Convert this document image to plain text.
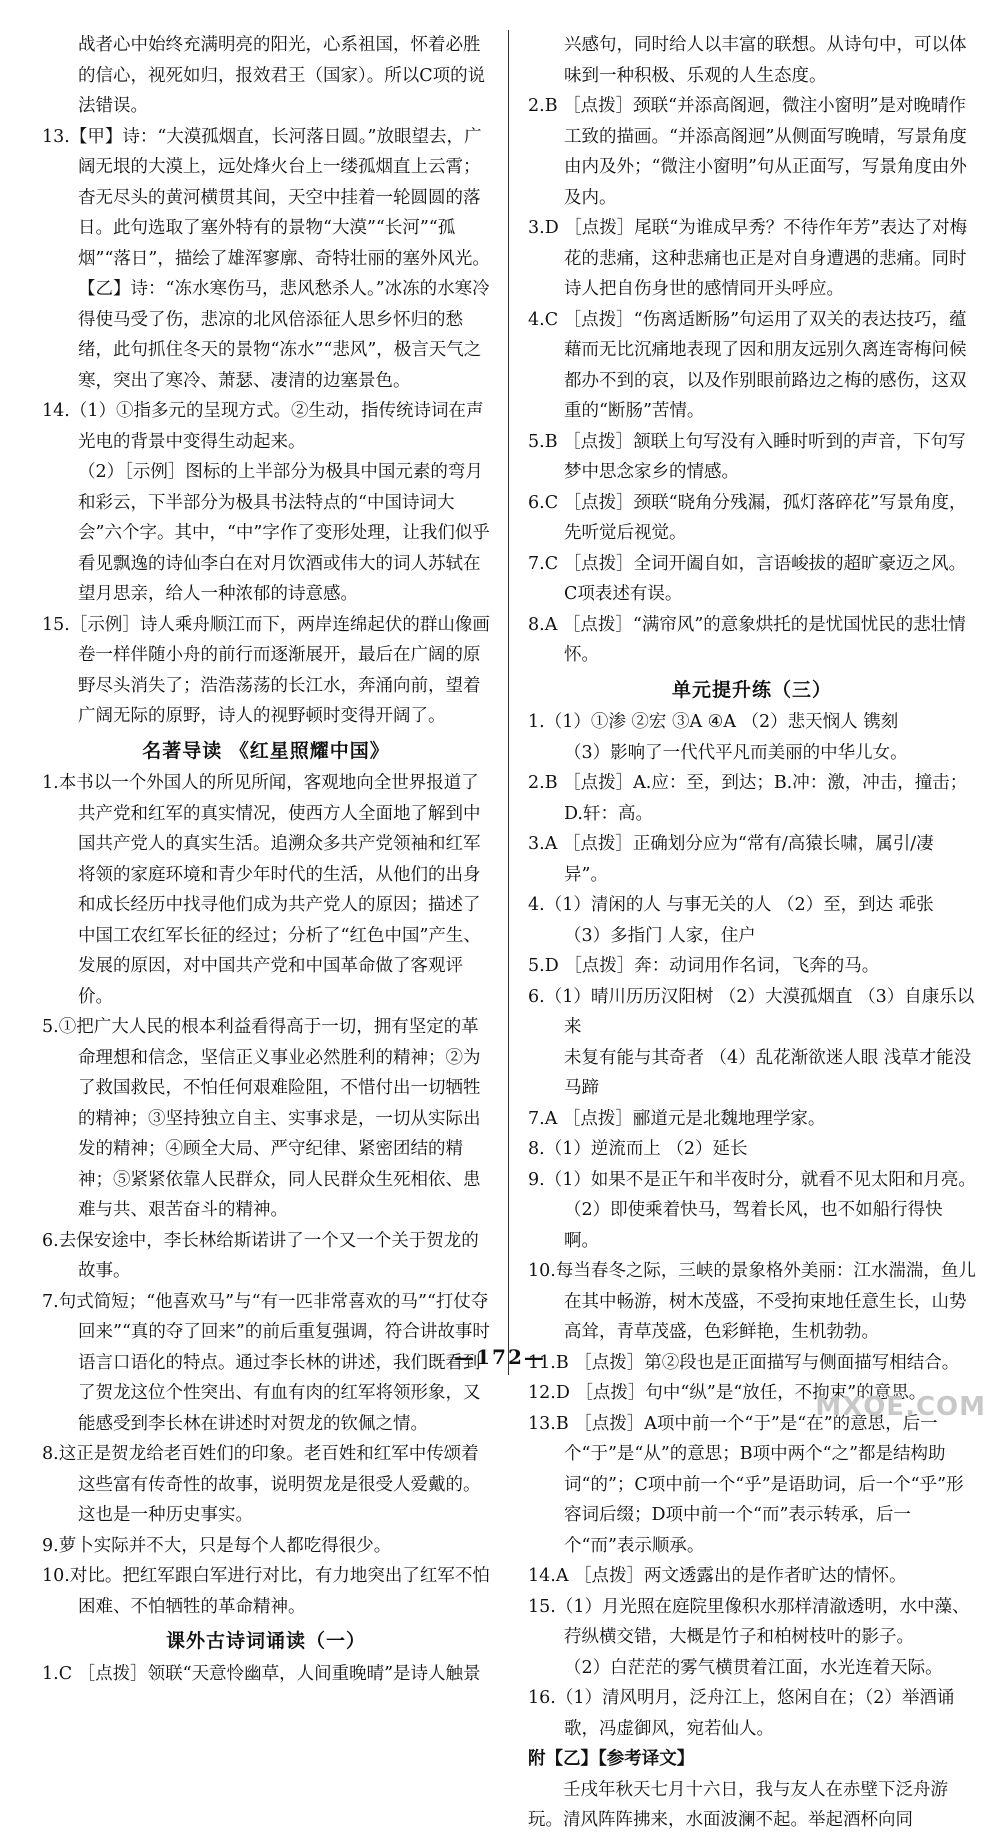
战者心中始终充满明亮的阳光，心系祖国，怀着必胜的信心，视死如归，报效君王（国家）。所以C项的说法错误。

13.【甲】诗：“大漠孤烟直，长河落日圆。”放眼望去，广阔无垠的大漠上，远处烽火台上一缕孤烟直上云霄；杳无尽头的黄河横贯其间，天空中挂着一轮圆圆的落日。此句选取了塞外特有的景物“大漠”“长河”“孤烟”“落日”，描绘了雄浑寥廓、奇特壮丽的塞外风光。【乙】诗：“冻水寒伤马，悲风愁杀人。”冰冻的水寒冷得使马受了伤，悲凉的北风倍添征人思乡怀归的愁绪，此句抓住冬天的景物“冻水”“悲风”，极言天气之寒，突出了寒冷、萧瑟、凄清的边塞景色。

14.（1）①指多元的呈现方式。②生动，指传统诗词在声光电的背景中变得生动起来。

（2）［示例］图标的上半部分为极具中国元素的弯月和彩云，下半部分为极具书法特点的“中国诗词大会”六个字。其中，“中”字作了变形处理，让我们似乎看见飘逸的诗仙李白在对月饮酒或伟大的词人苏轼在望月思亲，给人一种浓郁的诗意感。

15.［示例］诗人乘舟顺江而下，两岸连绵起伏的群山像画卷一样伴随小舟的前行而逐渐展开，最后在广阔的原野尽头消失了；浩浩荡荡的长江水，奔涌向前，望着广阔无际的原野，诗人的视野顿时变得开阔了。

名著导读 《红星照耀中国》

1.本书以一个外国人的所见所闻，客观地向全世界报道了共产党和红军的真实情况，使西方人全面地了解到中国共产党人的真实生活。追溯众多共产党领袖和红军将领的家庭环境和青少年时代的生活，从他们的出身和成长经历中找寻他们成为共产党人的原因；描述了中国工农红军长征的经过；分析了“红色中国”产生、发展的原因，对中国共产党和中国革命做了客观评价。

5.①把广大人民的根本利益看得高于一切，拥有坚定的革命理想和信念，坚信正义事业必然胜利的精神；②为了救国救民，不怕任何艰难险阻，不惜付出一切牺牲的精神；③坚持独立自主、实事求是，一切从实际出发的精神；④顾全大局、严守纪律、紧密团结的精神；⑤紧紧依靠人民群众，同人民群众生死相依、患难与共、艰苦奋斗的精神。

6.去保安途中，李长林给斯诺讲了一个又一个关于贺龙的故事。

7.句式简短；“他喜欢马”与“有一匹非常喜欢的马”“打仗夺回来”“真的夺了回来”的前后重复强调，符合讲故事时语言口语化的特点。通过李长林的讲述，我们既看到了贺龙这位个性突出、有血有肉的红军将领形象，又能感受到李长林在讲述时对贺龙的钦佩之情。

8.这正是贺龙给老百姓们的印象。老百姓和红军中传颂着这些富有传奇性的故事，说明贺龙是很受人爱戴的。这也是一种历史事实。

9.萝卜实际并不大，只是每个人都吃得很少。

10.对比。把红军跟白军进行对比，有力地突出了红军不怕困难、不怕牺牲的革命精神。

课外古诗词诵读（一）

1.C ［点拨］领联“天意怜幽草，人间重晚晴”是诗人触景

兴感句，同时给人以丰富的联想。从诗句中，可以体味到一种积极、乐观的人生态度。

2.B ［点拨］颈联“并添高阁迥，微注小窗明”是对晚晴作工致的描画。“并添高阁迥”从侧面写晚晴，写景角度由内及外；“微注小窗明”句从正面写，写景角度由外及内。

3.D ［点拨］尾联“为谁成早秀？不待作年芳”表达了对梅花的悲痛，这种悲痛也正是对自身遭遇的悲痛。同时诗人把自伤身世的感情同开头呼应。

4.C ［点拨］“伤离适断肠”句运用了双关的表达技巧，蕴藉而无比沉痛地表现了因和朋友远别久离连寄梅问候都办不到的哀，以及作别眼前路边之梅的感伤，这双重的“断肠”苦情。

5.B ［点拨］颔联上句写没有入睡时听到的声音，下句写梦中思念家乡的情感。

6.C ［点拨］颈联“晓角分残漏，孤灯落碎花”写景角度，先听觉后视觉。

7.C ［点拨］全词开阖自如，言语峻拔的超旷豪迈之风。C项表述有误。

8.A ［点拨］“满帘风”的意象烘托的是忧国忧民的悲壮情怀。

单元提升练（三）

1.（1）①渗 ②宏 ③A ④A （2）悲天悯人 镌刻

（3）影响了一代代平凡而美丽的中华儿女。

2.B ［点拨］A.应：至，到达；B.冲：激，冲击，撞击；D.轩：高。

3.A ［点拨］正确划分应为“常有/高猿长啸，属引/凄异”。

4.（1）清闲的人 与事无关的人 （2）至，到达 乖张

（3）多指门 人家，住户

5.D ［点拨］奔：动词用作名词，飞奔的马。

6.（1）晴川历历汉阳树 （2）大漠孤烟直 （3）自康乐以来

未复有能与其奇者 （4）乱花渐欲迷人眼 浅草才能没马蹄

7.A ［点拨］郦道元是北魏地理学家。

8.（1）逆流而上 （2）延长

9.（1）如果不是正午和半夜时分，就看不见太阳和月亮。

（2）即使乘着快马，驾着长风，也不如船行得快啊。

10.每当春冬之际，三峡的景象格外美丽：江水湍湍，鱼儿在其中畅游，树木茂盛，不受拘束地任意生长，山势高耸，青草茂盛，色彩鲜艳，生机勃勃。

11.B ［点拨］第②段也是正面描写与侧面描写相结合。

12.D ［点拨］句中“纵”是“放任，不拘束”的意思。

13.B ［点拨］A项中前一个“于”是“在”的意思，后一个“于”是“从”的意思；B项中两个“之”都是结构助词“的”；C项中前一个“乎”是语助词，后一个“乎”形容词后缀；D项中前一个“而”表示转承，后一个“而”表示顺承。

14.A ［点拨］两文透露出的是作者旷达的情怀。

15.（1）月光照在庭院里像积水那样清澈透明，水中藻、荇纵横交错，大概是竹子和柏树枝叶的影子。

（2）白茫茫的雾气横贯着江面，水光连着天际。

16.（1）清风明月，泛舟江上，悠闲自在；（2）举酒诵歌，冯虚御风，宛若仙人。

附【乙】【参考译文】

壬戌年秋天七月十六日，我与友人在赤壁下泛舟游玩。清风阵阵拂来，水面波澜不起。举起酒杯向同

—172—
MXQE.COM
